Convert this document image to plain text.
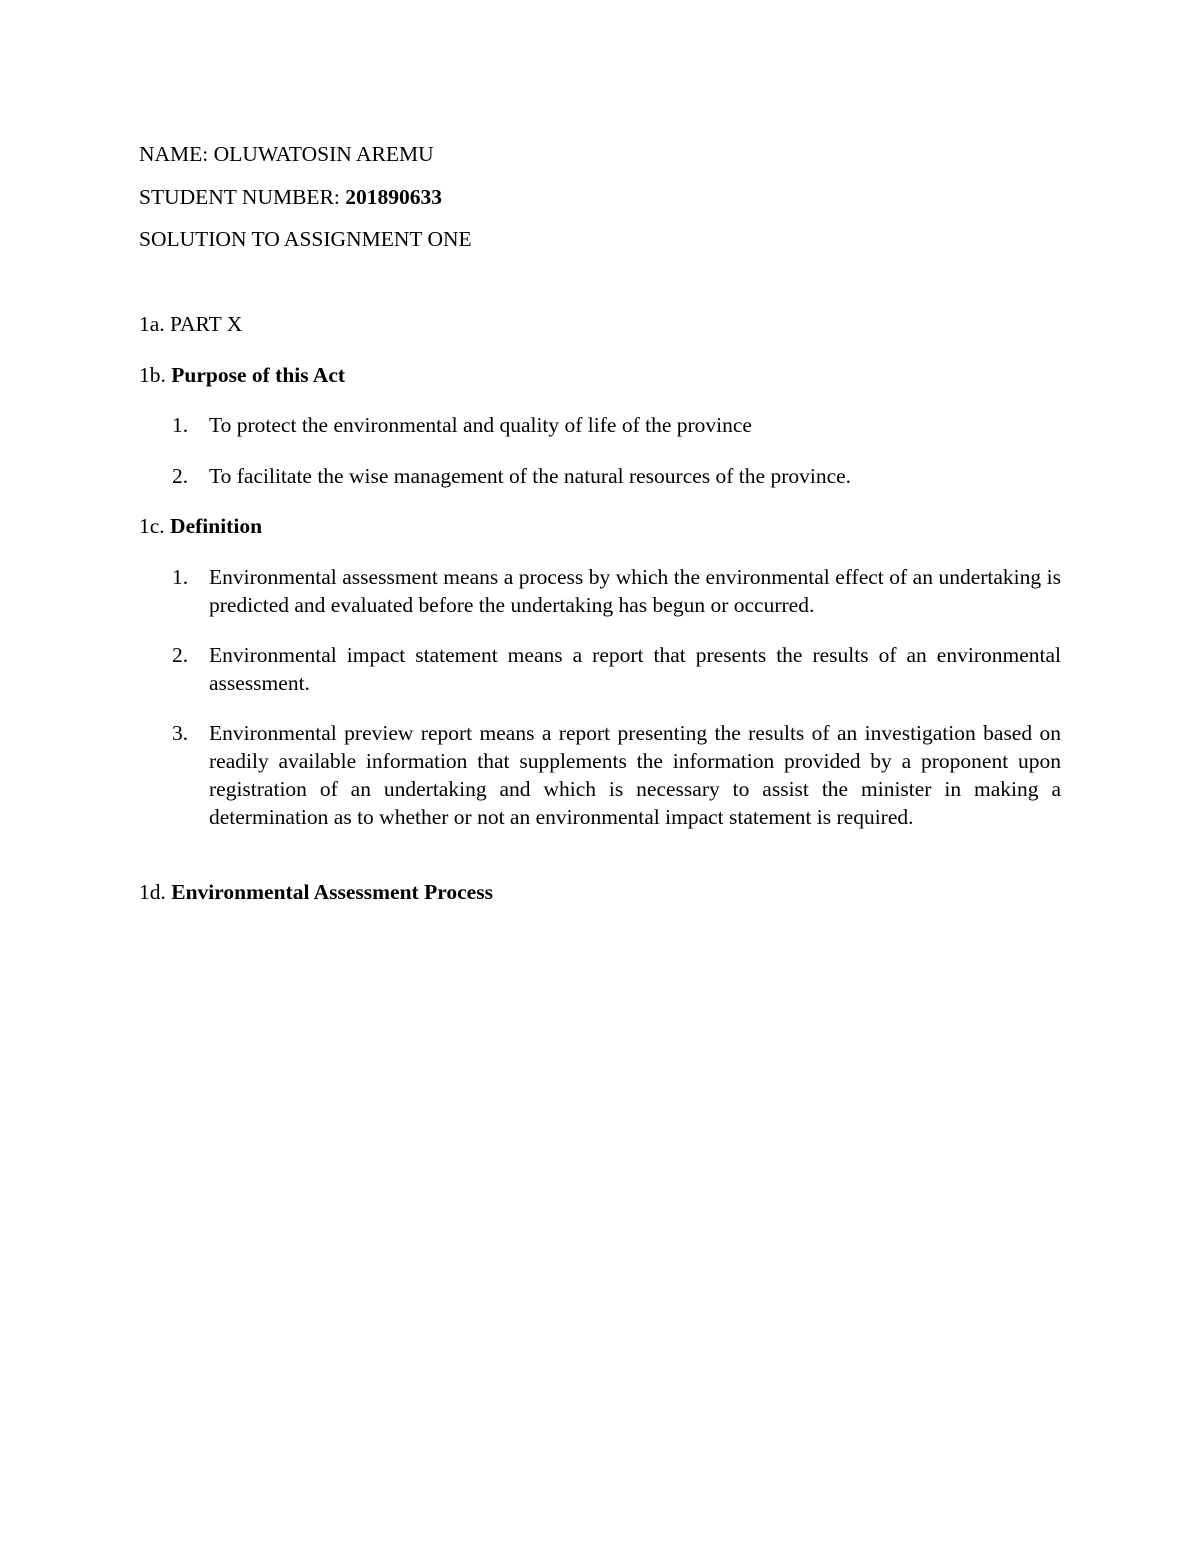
NAME: OLUWATOSIN AREMU
STUDENT NUMBER: 201890633
SOLUTION TO ASSIGNMENT ONE
1a. PART X
1b. Purpose of this Act
1. To protect the environmental and quality of life of the province
2. To facilitate the wise management of the natural resources of the province.
1c. Definition
1. Environmental assessment means a process by which the environmental effect of an undertaking is predicted and evaluated before the undertaking has begun or occurred.
2. Environmental impact statement means a report that presents the results of an environmental assessment.
3. Environmental preview report means a report presenting the results of an investigation based on readily available information that supplements the information provided by a proponent upon registration of an undertaking and which is necessary to assist the minister in making a determination as to whether or not an environmental impact statement is required.
1d. Environmental Assessment Process
